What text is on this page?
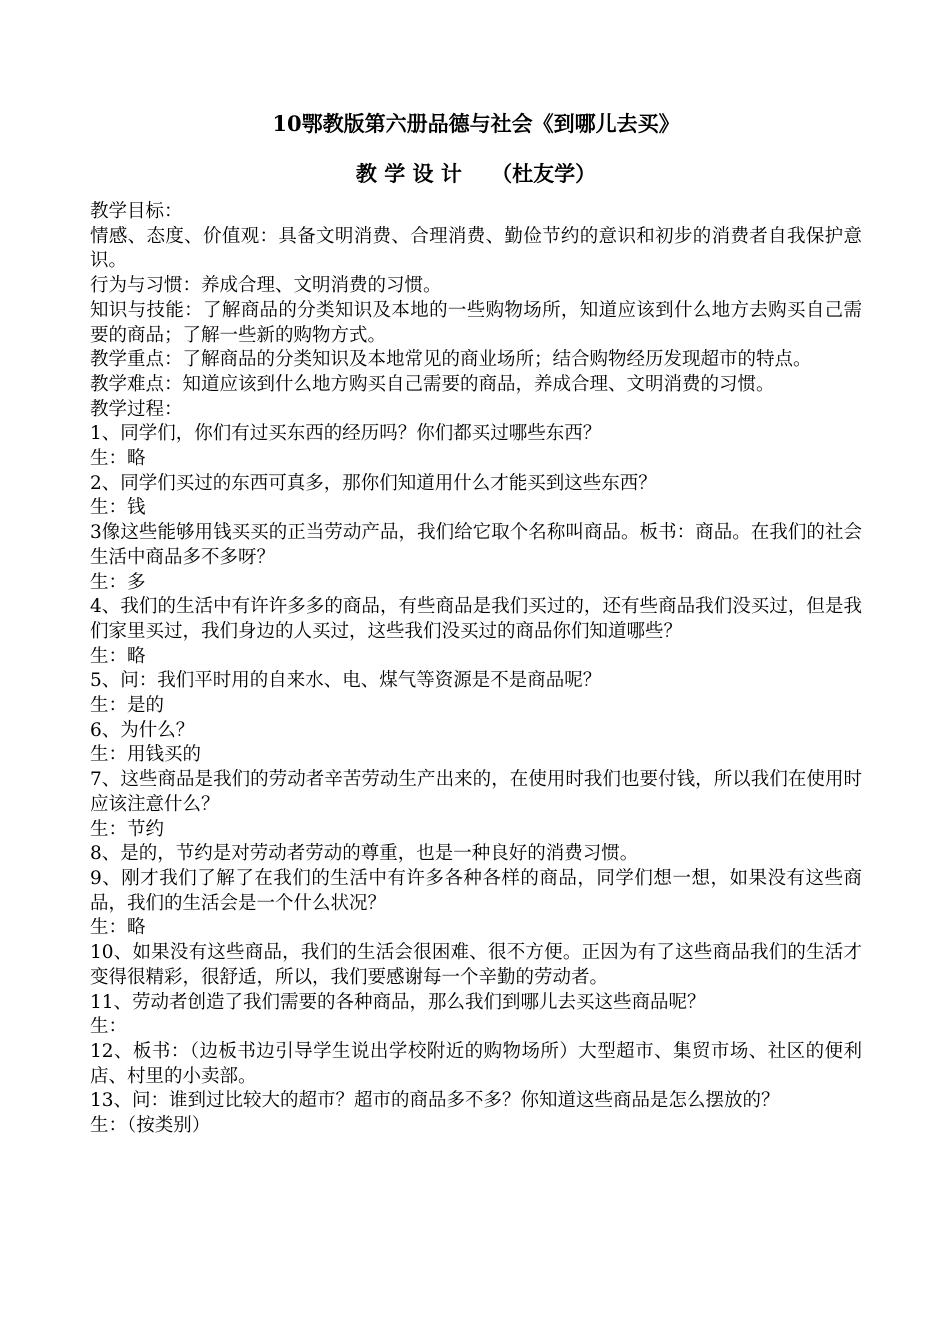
10鄂教版第六册品德与社会《到哪儿去买》
教 学 设 计    （杜友学）

教学目标：

情感、态度、价值观：具备文明消费、合理消费、勤俭节约的意识和初步的消费者自我保护意识。

行为与习惯：养成合理、文明消费的习惯。

知识与技能：了解商品的分类知识及本地的一些购物场所，知道应该到什么地方去购买自己需要的商品；了解一些新的购物方式。

教学重点：了解商品的分类知识及本地常见的商业场所；结合购物经历发现超市的特点。

教学难点：知道应该到什么地方购买自己需要的商品，养成合理、文明消费的习惯。

教学过程：

1、同学们，你们有过买东西的经历吗？你们都买过哪些东西？

生：略

2、同学们买过的东西可真多，那你们知道用什么才能买到这些东西？

生：钱

3像这些能够用钱买买的正当劳动产品，我们给它取个名称叫商品。板书：商品。在我们的社会生活中商品多不多呀？

生：多

4、我们的生活中有许许多多的商品，有些商品是我们买过的，还有些商品我们没买过，但是我们家里买过，我们身边的人买过，这些我们没买过的商品你们知道哪些？

生：略

5、问：我们平时用的自来水、电、煤气等资源是不是商品呢？

生：是的

6、为什么？

生：用钱买的

7、这些商品是我们的劳动者辛苦劳动生产出来的，在使用时我们也要付钱，所以我们在使用时应该注意什么？

生：节约

8、是的，节约是对劳动者劳动的尊重，也是一种良好的消费习惯。

9、刚才我们了解了在我们的生活中有许多各种各样的商品，同学们想一想，如果没有这些商品，我们的生活会是一个什么状况？

生：略

10、如果没有这些商品，我们的生活会很困难、很不方便。正因为有了这些商品我们的生活才变得很精彩，很舒适，所以，我们要感谢每一个辛勤的劳动者。

11、劳动者创造了我们需要的各种商品，那么我们到哪儿去买这些商品呢？

生：

12、板书：（边板书边引导学生说出学校附近的购物场所）大型超市、集贸市场、社区的便利店、村里的小卖部。

13、问：谁到过比较大的超市？超市的商品多不多？你知道这些商品是怎么摆放的？

生：（按类别）
